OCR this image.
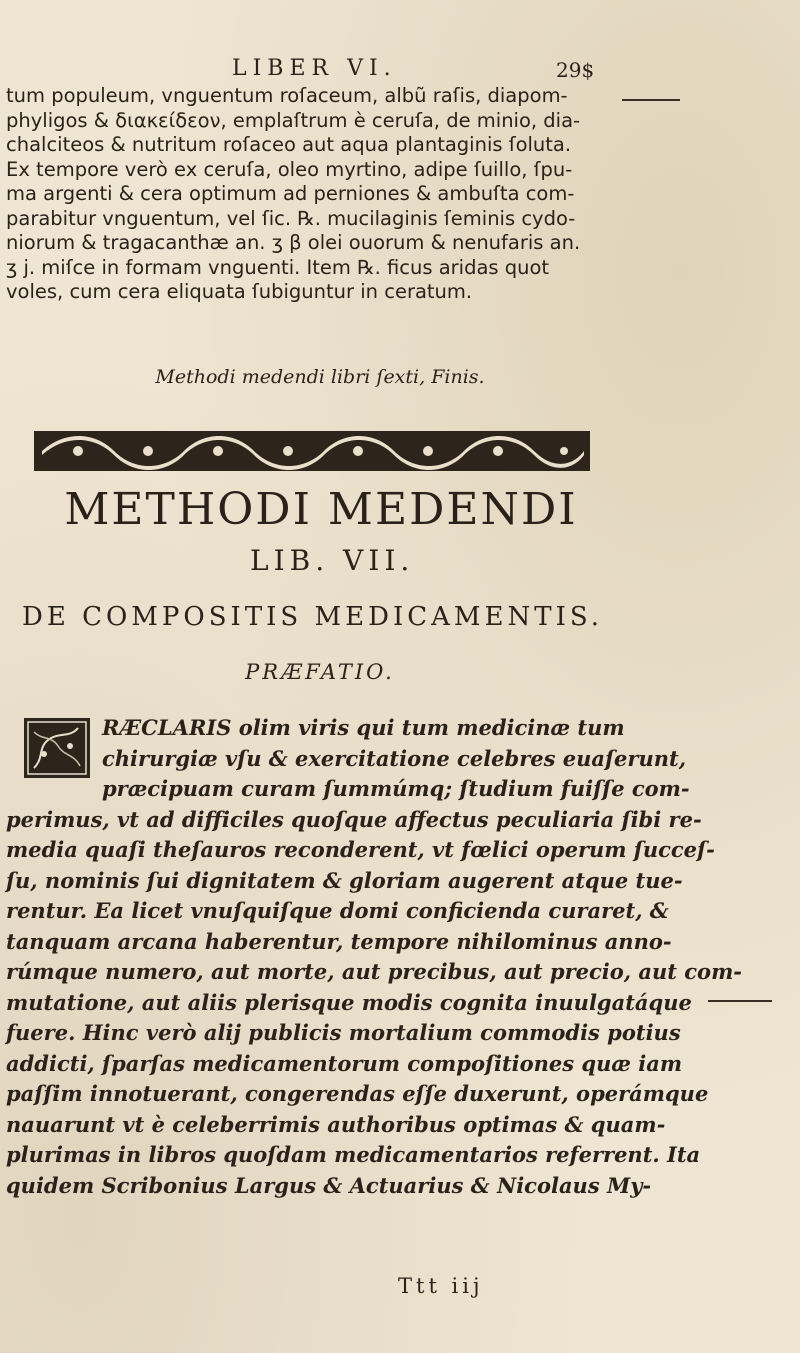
LIBER VI.	29$
tum populeum, vnguentum roſaceum, albũ raſis, diapom-
phyligos & διακείδεον, emplaſtrum è ceruſa, de minio, dia-
chalciteos & nutritum roſaceo aut aqua plantaginis ſoluta.
Ex tempore verò ex ceruſa, oleo myrtino, adipe ſuillo, ſpu-
ma argenti & cera optimum ad perniones & ambuſta com-
parabitur vnguentum, vel ſic. ℞. mucilaginis ſeminis cydo-
niorum & tragacanthæ an. ʒ β olei ouorum & nenufaris an.
ʒ j. miſce in formam vnguenti. Item ℞. ficus aridas quot
voles, cum cera eliquata ſubiguntur in ceratum.
Methodi medendi libri ſexti, Finis.
METHODI MEDENDI
LIB. VII.
DE COMPOSITIS MEDICAMENTIS.
PRÆFATIO.
RÆCLARIS olim viris qui tum medicinæ tum
chirurgiæ vſu & exercitatione celebres euaſerunt,
præcipuam curam ſummúmq; ſtudium fuiſſe com-
perimus, vt ad difficiles quoſque affectus peculiaria ſibi re-
media quaſi theſauros reconderent, vt fœlici operum ſucceſ-
ſu, nominis ſui dignitatem & gloriam augerent atque tue-
rentur. Ea licet vnuſquiſque domi conficienda curaret, &
tanquam arcana haberentur, tempore nihilominus anno-
rúmque numero, aut morte, aut precibus, aut precio, aut com-
mutatione, aut aliis plerisque modis cognita inuulgatáque
fuere. Hinc verò alij publicis mortalium commodis potius
addicti, ſparſas medicamentorum compoſitiones quæ iam
paſſim innotuerant, congerendas eſſe duxerunt, operámque
nauarunt vt è celeberrimis authoribus optimas & quam-
plurimas in libros quoſdam medicamentarios referrent. Ita
quidem Scribonius Largus & Actuarius & Nicolaus My-
Ttt iij
